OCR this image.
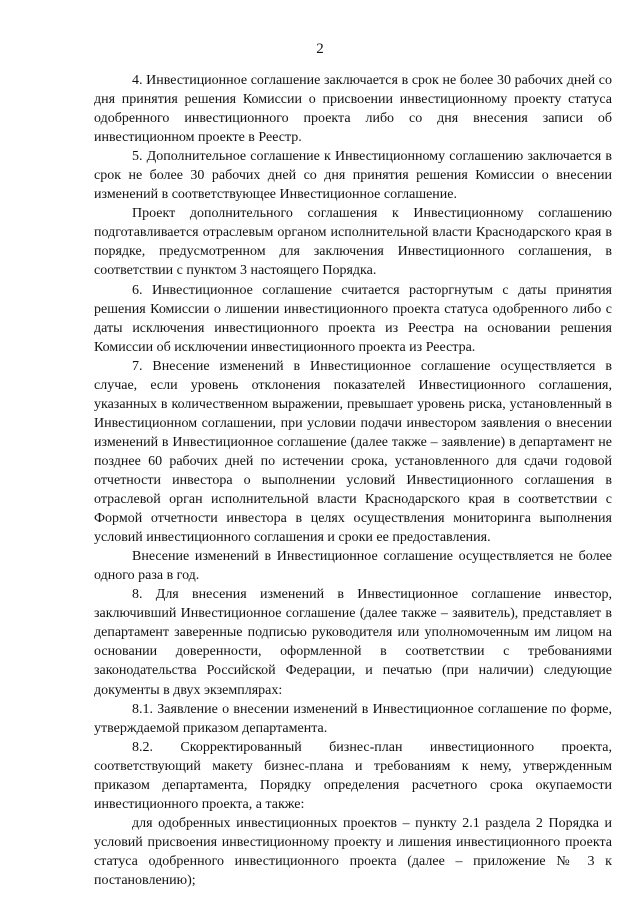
2

4. Инвестиционное соглашение заключается в срок не более 30 рабочих дней со дня принятия решения Комиссии о присвоении инвестиционному проекту статуса одобренного инвестиционного проекта либо со дня внесения записи об инвестиционном проекте в Реестр.

5. Дополнительное соглашение к Инвестиционному соглашению заключается в срок не более 30 рабочих дней со дня принятия решения Комиссии о внесении изменений в соответствующее Инвестиционное соглашение.

Проект дополнительного соглашения к Инвестиционному соглашению подготавливается отраслевым органом исполнительной власти Краснодарского края в порядке, предусмотренном для заключения Инвестиционного соглашения, в соответствии с пунктом 3 настоящего Порядка.

6. Инвестиционное соглашение считается расторгнутым с даты принятия решения Комиссии о лишении инвестиционного проекта статуса одобренного либо с даты исключения инвестиционного проекта из Реестра на основании решения Комиссии об исключении инвестиционного проекта из Реестра.

7. Внесение изменений в Инвестиционное соглашение осуществляется в случае, если уровень отклонения показателей Инвестиционного соглашения, указанных в количественном выражении, превышает уровень риска, установленный в Инвестиционном соглашении, при условии подачи инвестором заявления о внесении изменений в Инвестиционное соглашение (далее также – заявление) в департамент не позднее 60 рабочих дней по истечении срока, установленного для сдачи годовой отчетности инвестора о выполнении условий Инвестиционного соглашения в отраслевой орган исполнительной власти Краснодарского края в соответствии с Формой отчетности инвестора в целях осуществления мониторинга выполнения условий инвестиционного соглашения и сроки ее предоставления.

Внесение изменений в Инвестиционное соглашение осуществляется не более одного раза в год.

8. Для внесения изменений в Инвестиционное соглашение инвестор, заключивший Инвестиционное соглашение (далее также – заявитель), представляет в департамент заверенные подписью руководителя или уполномоченным им лицом на основании доверенности, оформленной в соответствии с требованиями законодательства Российской Федерации, и печатью (при наличии) следующие документы в двух экземплярах:

8.1. Заявление о внесении изменений в Инвестиционное соглашение по форме, утверждаемой приказом департамента.

8.2. Скорректированный бизнес-план инвестиционного проекта, соответствующий макету бизнес-плана и требованиям к нему, утвержденным приказом департамента, Порядку определения расчетного срока окупаемости инвестиционного проекта, а также:

для одобренных инвестиционных проектов – пункту 2.1 раздела 2 Порядка и условий присвоения инвестиционному проекту и лишения инвестиционного проекта статуса одобренного инвестиционного проекта (далее – приложение № 3 к постановлению);
